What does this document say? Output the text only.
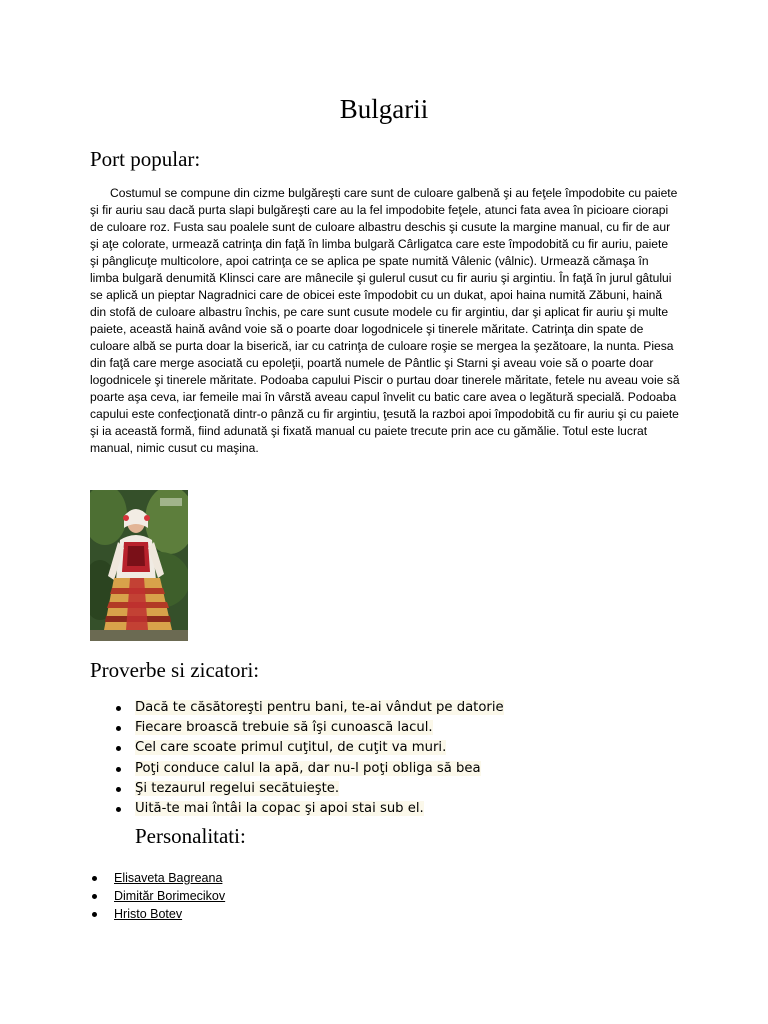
Bulgarii
Port popular:

Costumul se compune din cizme bulgăreşti care sunt de culoare galbenă şi au feţele împodobite cu paiete şi fir auriu sau dacă purta slapi bulgăreşti care au la fel impodobite feţele, atunci fata avea în picioare ciorapi de culoare roz. Fusta sau poalele sunt de culoare albastru deschis şi cusute la margine manual, cu fir de aur şi aţe colorate, urmează catrinţa din faţă în limba bulgară Cârligatca care este împodobită cu fir auriu, paiete şi pânglicuţe multicolore, apoi catrinţa ce se aplica pe spate numită Vâlenic (vâlnic). Urmează cămaşa în limba bulgară denumită Klinsci care are mânecile şi gulerul cusut cu fir auriu şi argintiu. În faţă în jurul gâtului se aplică un pieptar Nagradnici care de obicei este împodobit cu un dukat, apoi haina numită Zăbuni, haină din stofă de culoare albastru închis, pe care sunt cusute modele cu fir argintiu, dar şi aplicat fir auriu şi multe paiete, această haină având voie să o poarte doar logodnicele şi tinerele măritate. Catrinţa din spate de culoare albă se purta doar la biserică, iar cu catrinţa de culoare roşie se mergea la şezătoare, la nunta. Piesa din faţă care merge asociată cu epoleţii, poartă numele de Pântlic şi Starni şi aveau voie să o poarte doar logodnicele şi tinerele măritate. Podoaba capului Piscir o purtau doar tinerele măritate, fetele nu aveau voie să poarte aşa ceva, iar femeile mai în vârstă aveau capul învelit cu batic care avea o legătură specială. Podoaba capului este confecţionată dintr-o pânză cu fir argintiu, ţesută la razboi apoi împodobită cu fir auriu şi cu paiete şi ia această formă, fiind adunată şi fixată manual cu paiete trecute prin ace cu gămălie. Totul este lucrat manual, nimic cusut cu maşina.

Proverbe si zicatori:
Dacă te căsătoreşti pentru bani, te-ai vândut pe datorie
Fiecare broască trebuie să îşi cunoască lacul.
Cel care scoate primul cuţitul, de cuţit va muri.
Poţi conduce calul la apă, dar nu-l poţi obliga să bea
Şi tezaurul regelui secătuieşte.
Uită-te mai întâi la copac şi apoi stai sub el.
Personalitati:
Elisaveta Bagreana
Dimităr Borimecikov
Hristo Botev
